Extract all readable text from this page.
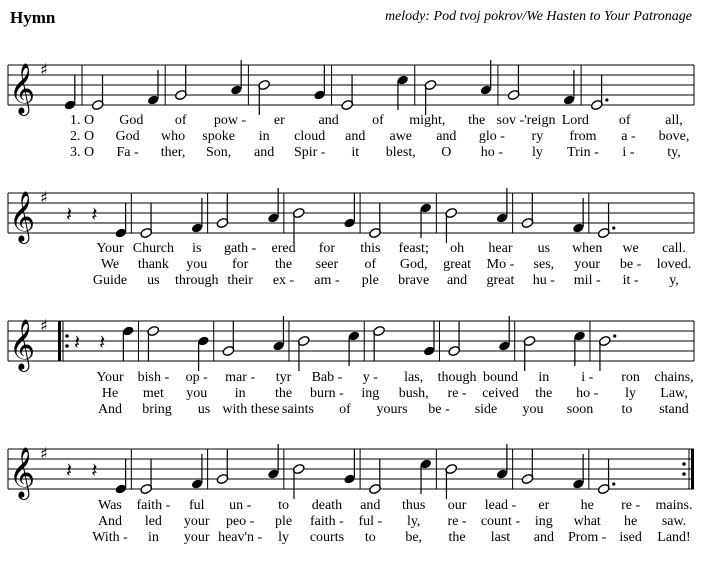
Hymn	melody: Pod tvoj pokrov/We Hasten to Your Patronage
𝄞 ♯
1. O God of pow - er and of might, the sov -'reign Lord of all,
2. O God who spoke in cloud and awe and glo - ry from a - bove,
3. O Fa - ther, Son, and Spir - it blest, O ho - ly Trin - i - ty,
𝄞 ♯
𝄽 𝄽
Your Church is gath - ered for this feast; oh hear us when we call.
We thank you for the seer of God, great Mo - ses, your be - loved.
Guide us through their ex - am - ple brave and great hu - mil - it - y,
𝄞 ♯
𝄽 𝄽
Your bish - op - mar - tyr Bab - y - las, though bound in i - ron chains,
He met you in the burn - ing bush, re - ceived the ho - ly Law,
And bring us with these saints of yours be - side you soon to stand
𝄞 ♯
𝄽 𝄽
Was faith - ful un - to death and thus our lead - er he re - mains.
And led your peo - ple faith - ful - ly, re - count - ing what he saw.
With - in your heav'n - ly courts to be, the last and Prom - ised Land!
